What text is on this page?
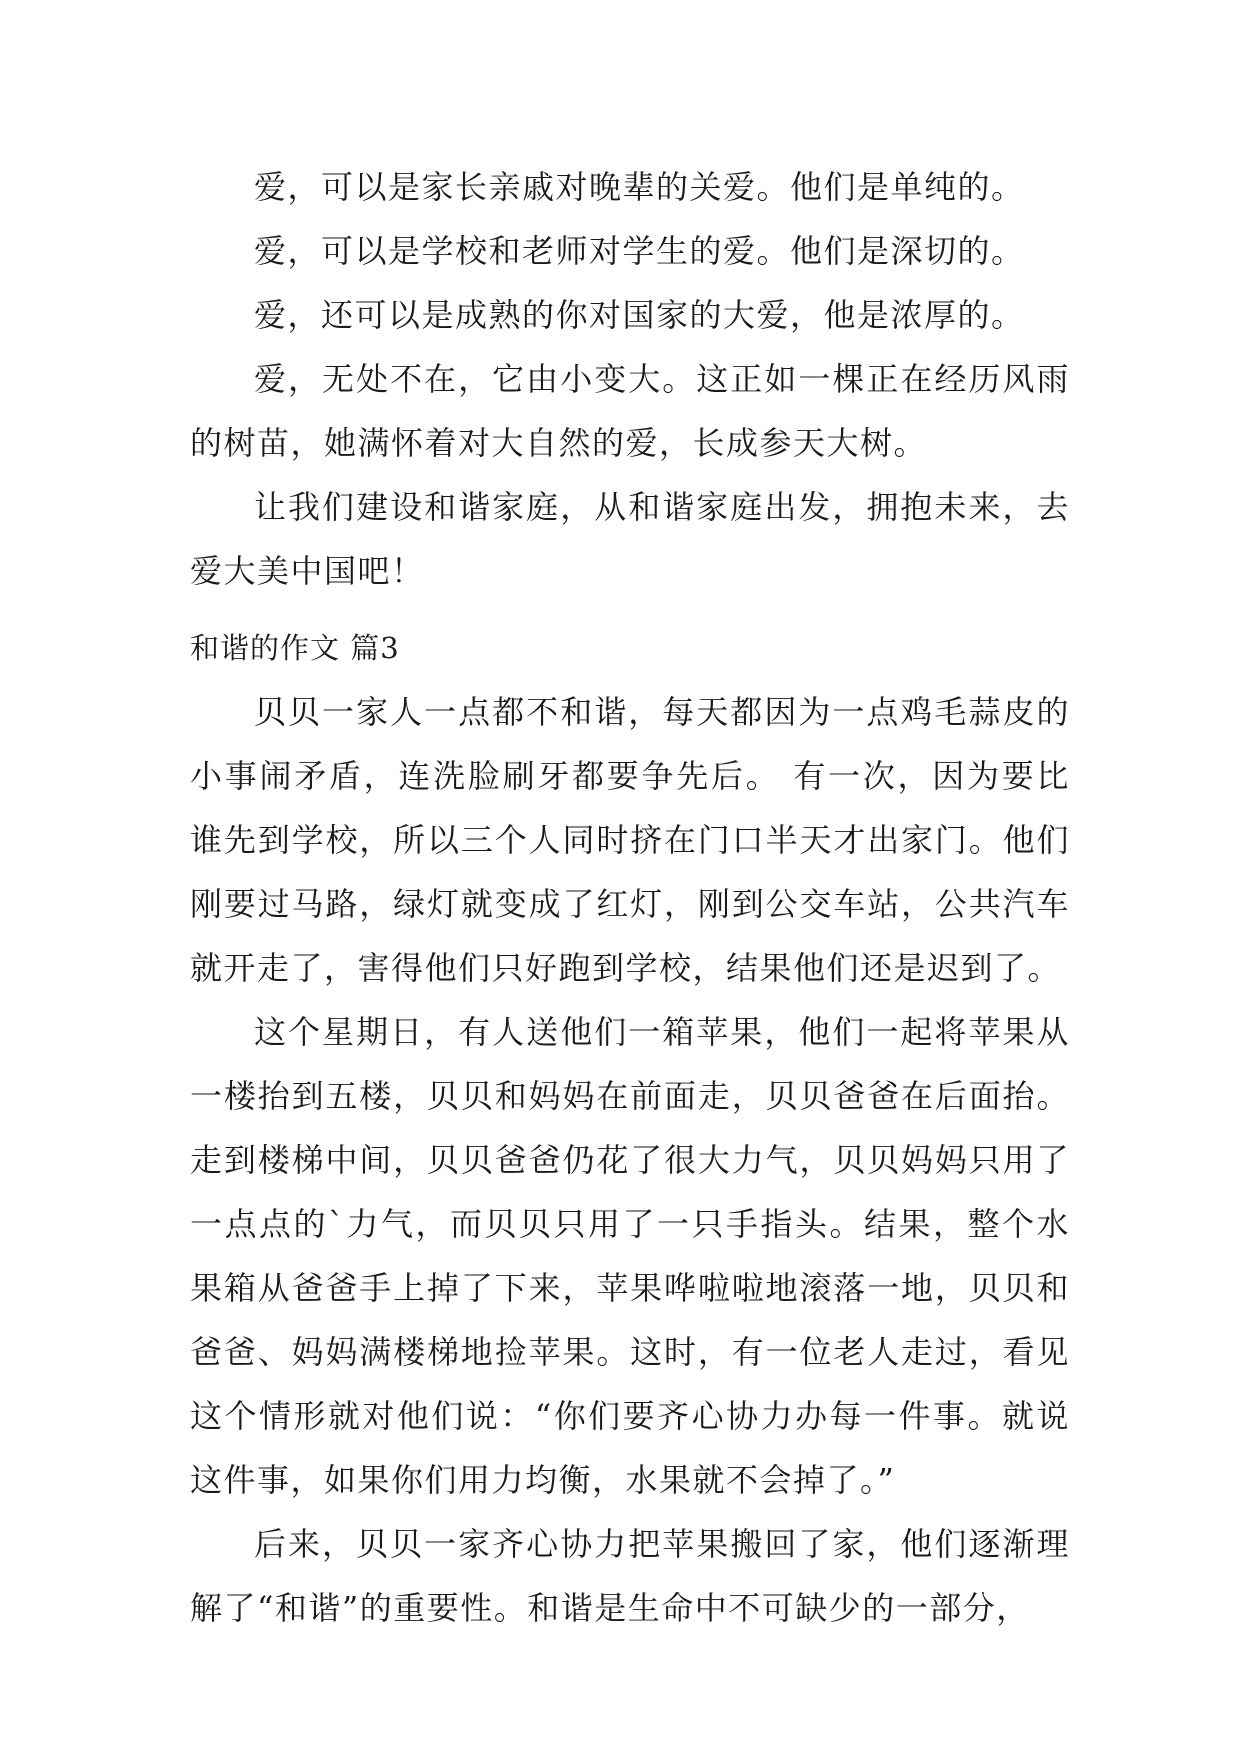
爱，可以是家长亲戚对晚辈的关爱。他们是单纯的。

爱，可以是学校和老师对学生的爱。他们是深切的。

爱，还可以是成熟的你对国家的大爱，他是浓厚的。

爱，无处不在，它由小变大。这正如一棵正在经历风雨的树苗，她满怀着对大自然的爱，长成参天大树。

让我们建设和谐家庭，从和谐家庭出发，拥抱未来，去爱大美中国吧！

和谐的作文 篇3

贝贝一家人一点都不和谐，每天都因为一点鸡毛蒜皮的小事闹矛盾，连洗脸刷牙都要争先后。 有一次，因为要比谁先到学校，所以三个人同时挤在门口半天才出家门。他们刚要过马路，绿灯就变成了红灯，刚到公交车站，公共汽车就开走了，害得他们只好跑到学校，结果他们还是迟到了。

这个星期日，有人送他们一箱苹果，他们一起将苹果从一楼抬到五楼，贝贝和妈妈在前面走，贝贝爸爸在后面抬。走到楼梯中间，贝贝爸爸仍花了很大力气，贝贝妈妈只用了一点点的`力气，而贝贝只用了一只手指头。结果，整个水果箱从爸爸手上掉了下来，苹果哗啦啦地滚落一地，贝贝和爸爸、妈妈满楼梯地捡苹果。这时，有一位老人走过，看见这个情形就对他们说：“你们要齐心协力办每一件事。就说这件事，如果你们用力均衡，水果就不会掉了。”

后来，贝贝一家齐心协力把苹果搬回了家，他们逐渐理解了“和谐”的重要性。和谐是生命中不可缺少的一部分，
